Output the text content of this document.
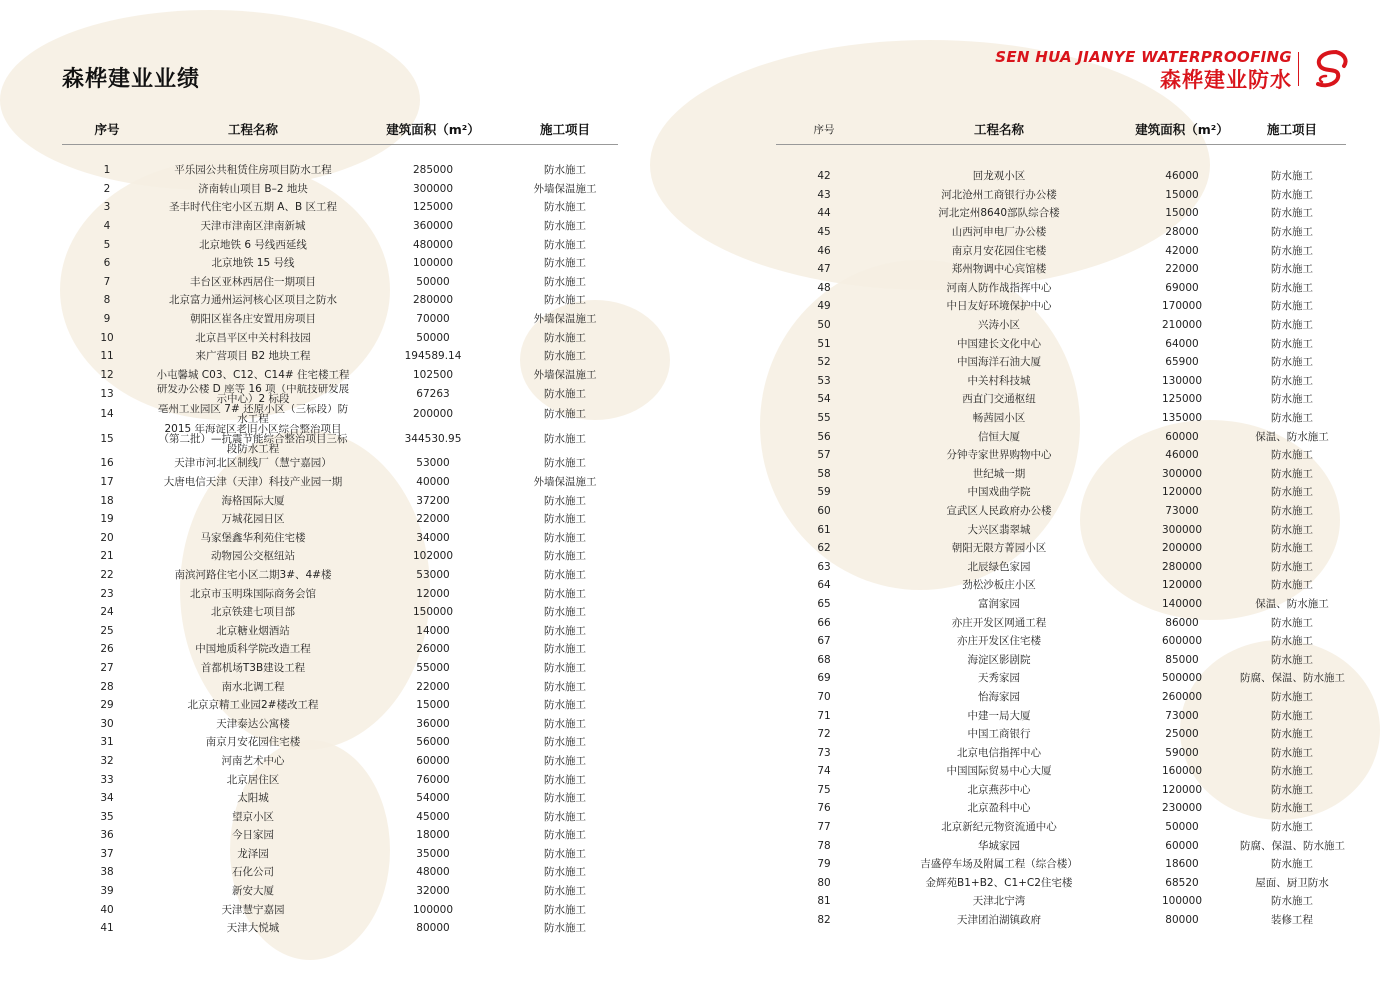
森桦建业业绩
SEN HUA JIANYE WATERPROOFING
森桦建业防水
序号	工程名称	建筑面积（m²）	施工项目

1	平乐园公共租赁住房项目防水工程	285000	防水施工
2	济南转山项目 B–2 地块	300000	外墙保温施工
3	圣丰时代住宅小区五期 A、B 区工程	125000	防水施工
4	天津市津南区津南新城	360000	防水施工
5	北京地铁 6 号线西延线	480000	防水施工
6	北京地铁 15 号线	100000	防水施工
7	丰台区亚林西居住一期项目	50000	防水施工
8	北京富力通州运河核心区项目之防水	280000	防水施工
9	朝阳区崔各庄安置用房项目	70000	外墙保温施工
10	北京昌平区中关村科技园	50000	防水施工
11	来广营项目 B2 地块工程	194589.14	防水施工
12	小屯馨城 C03、C12、C14# 住宅楼工程	102500	外墙保温施工
13	研发办公楼 D 座等 16 项（中航技研发展示中心）2 标段	67263	防水施工
14	亳州工业园区 7# 还原小区（三标段）防水工程	200000	防水施工
15	2015 年海淀区老旧小区综合整治项目（第二批）—抗震节能综合整治项目三标段防水工程	344530.95	防水施工
16	天津市河北区制线厂（慧宁嘉园）	53000	防水施工
17	大唐电信天津（天津）科技产业园一期	40000	外墙保温施工
18	海格国际大厦	37200	防水施工
19	万城花园日区	22000	防水施工
20	马家堡鑫华利苑住宅楼	34000	防水施工
21	动物园公交枢纽站	102000	防水施工
22	南滨河路住宅小区二期3#、4#楼	53000	防水施工
23	北京市玉明珠国际商务会馆	12000	防水施工
24	北京铁建七项目部	150000	防水施工
25	北京糖业烟酒站	14000	防水施工
26	中国地质科学院改造工程	26000	防水施工
27	首都机场T3B建设工程	55000	防水施工
28	南水北调工程	22000	防水施工
29	北京京精工业园2#楼改工程	15000	防水施工
30	天津泰达公寓楼	36000	防水施工
31	南京月安花园住宅楼	56000	防水施工
32	河南艺术中心	60000	防水施工
33	北京居住区	76000	防水施工
34	太阳城	54000	防水施工
35	望京小区	45000	防水施工
36	今日家园	18000	防水施工
37	龙泽园	35000	防水施工
38	石化公司	48000	防水施工
39	新安大厦	32000	防水施工
40	天津慧宁嘉园	100000	防水施工
41	天津大悦城	80000	防水施工
序号	工程名称	建筑面积（m²）	施工项目

42	回龙观小区	46000	防水施工
43	河北沧州工商银行办公楼	15000	防水施工
44	河北定州8640部队综合楼	15000	防水施工
45	山西河申电厂办公楼	28000	防水施工
46	南京月安花园住宅楼	42000	防水施工
47	郑州物调中心宾馆楼	22000	防水施工
48	河南人防作战指挥中心	69000	防水施工
49	中日友好环境保护中心	170000	防水施工
50	兴涛小区	210000	防水施工
51	中国建长文化中心	64000	防水施工
52	中国海洋石油大厦	65900	防水施工
53	中关村科技城	130000	防水施工
54	西直门交通枢纽	125000	防水施工
55	畅茜园小区	135000	防水施工
56	信恒大厦	60000	保温、防水施工
57	分钟寺家世界购物中心	46000	防水施工
58	世纪城一期	300000	防水施工
59	中国戏曲学院	120000	防水施工
60	宣武区人民政府办公楼	73000	防水施工
61	大兴区翡翠城	300000	防水施工
62	朝阳无限方菁园小区	200000	防水施工
63	北辰绿色家园	280000	防水施工
64	劲松沙板庄小区	120000	防水施工
65	富润家园	140000	保温、防水施工
66	亦庄开发区网通工程	86000	防水施工
67	亦庄开发区住宅楼	600000	防水施工
68	海淀区影剧院	85000	防水施工
69	天秀家园	500000	防腐、保温、防水施工
70	怡海家园	260000	防水施工
71	中建一局大厦	73000	防水施工
72	中国工商银行	25000	防水施工
73	北京电信指挥中心	59000	防水施工
74	中国国际贸易中心大厦	160000	防水施工
75	北京燕莎中心	120000	防水施工
76	北京盈科中心	230000	防水施工
77	北京新纪元物资流通中心	50000	防水施工
78	华城家园	60000	防腐、保温、防水施工
79	吉盛停车场及附属工程（综合楼）	18600	防水施工
80	金辉苑B1+B2、C1+C2住宅楼	68520	屋面、厨卫防水
81	天津北宁湾	100000	防水施工
82	天津团泊湖镇政府	80000	装修工程
